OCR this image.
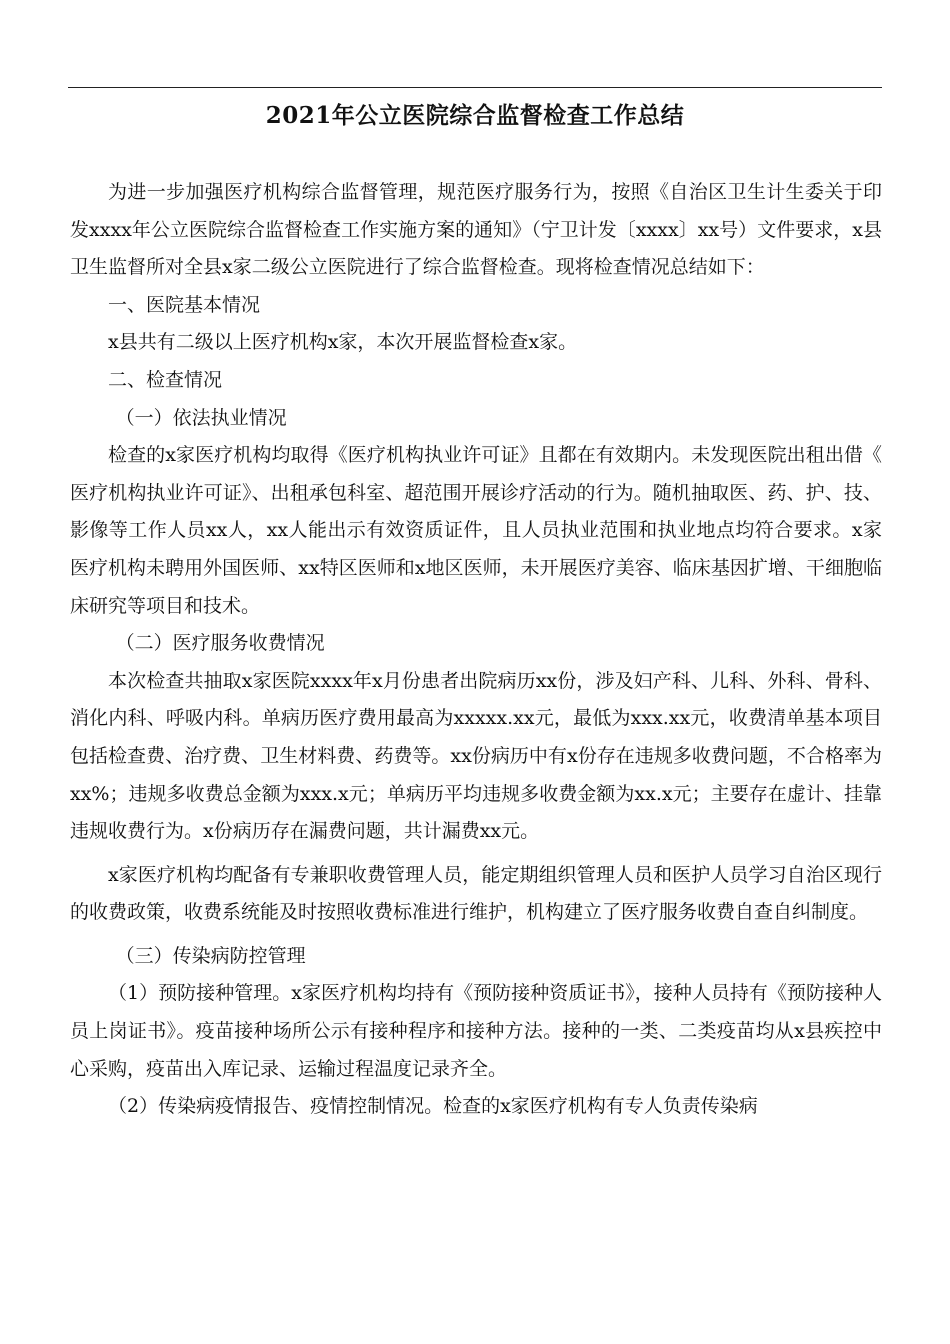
2021年公立医院综合监督检查工作总结

为进一步加强医疗机构综合监督管理，规范医疗服务行为，按照《自治区卫生计生委关于印发xxxx年公立医院综合监督检查工作实施方案的通知》（宁卫计发〔xxxx〕xx号）文件要求，x县卫生监督所对全县x家二级公立医院进行了综合监督检查。现将检查情况总结如下：

一、医院基本情况

x县共有二级以上医疗机构x家，本次开展监督检查x家。

二、检查情况

（一）依法执业情况

检查的x家医疗机构均取得《医疗机构执业许可证》且都在有效期内。未发现医院出租出借《医疗机构执业许可证》、出租承包科室、超范围开展诊疗活动的行为。随机抽取医、药、护、技、影像等工作人员xx人，xx人能出示有效资质证件，且人员执业范围和执业地点均符合要求。x家医疗机构未聘用外国医师、xx特区医师和x地区医师，未开展医疗美容、临床基因扩增、干细胞临床研究等项目和技术。

（二）医疗服务收费情况

本次检查共抽取x家医院xxxx年x月份患者出院病历xx份，涉及妇产科、儿科、外科、骨科、消化内科、呼吸内科。单病历医疗费用最高为xxxxx.xx元，最低为xxx.xx元，收费清单基本项目包括检查费、治疗费、卫生材料费、药费等。xx份病历中有x份存在违规多收费问题，不合格率为xx%；违规多收费总金额为xxx.x元；单病历平均违规多收费金额为xx.x元；主要存在虚计、挂靠违规收费行为。x份病历存在漏费问题，共计漏费xx元。

x家医疗机构均配备有专兼职收费管理人员，能定期组织管理人员和医护人员学习自治区现行的收费政策，收费系统能及时按照收费标准进行维护，机构建立了医疗服务收费自查自纠制度。

（三）传染病防控管理

（1）预防接种管理。x家医疗机构均持有《预防接种资质证书》，接种人员持有《预防接种人员上岗证书》。疫苗接种场所公示有接种程序和接种方法。接种的一类、二类疫苗均从x县疾控中心采购，疫苗出入库记录、运输过程温度记录齐全。

（2）传染病疫情报告、疫情控制情况。检查的x家医疗机构有专人负责传染病
